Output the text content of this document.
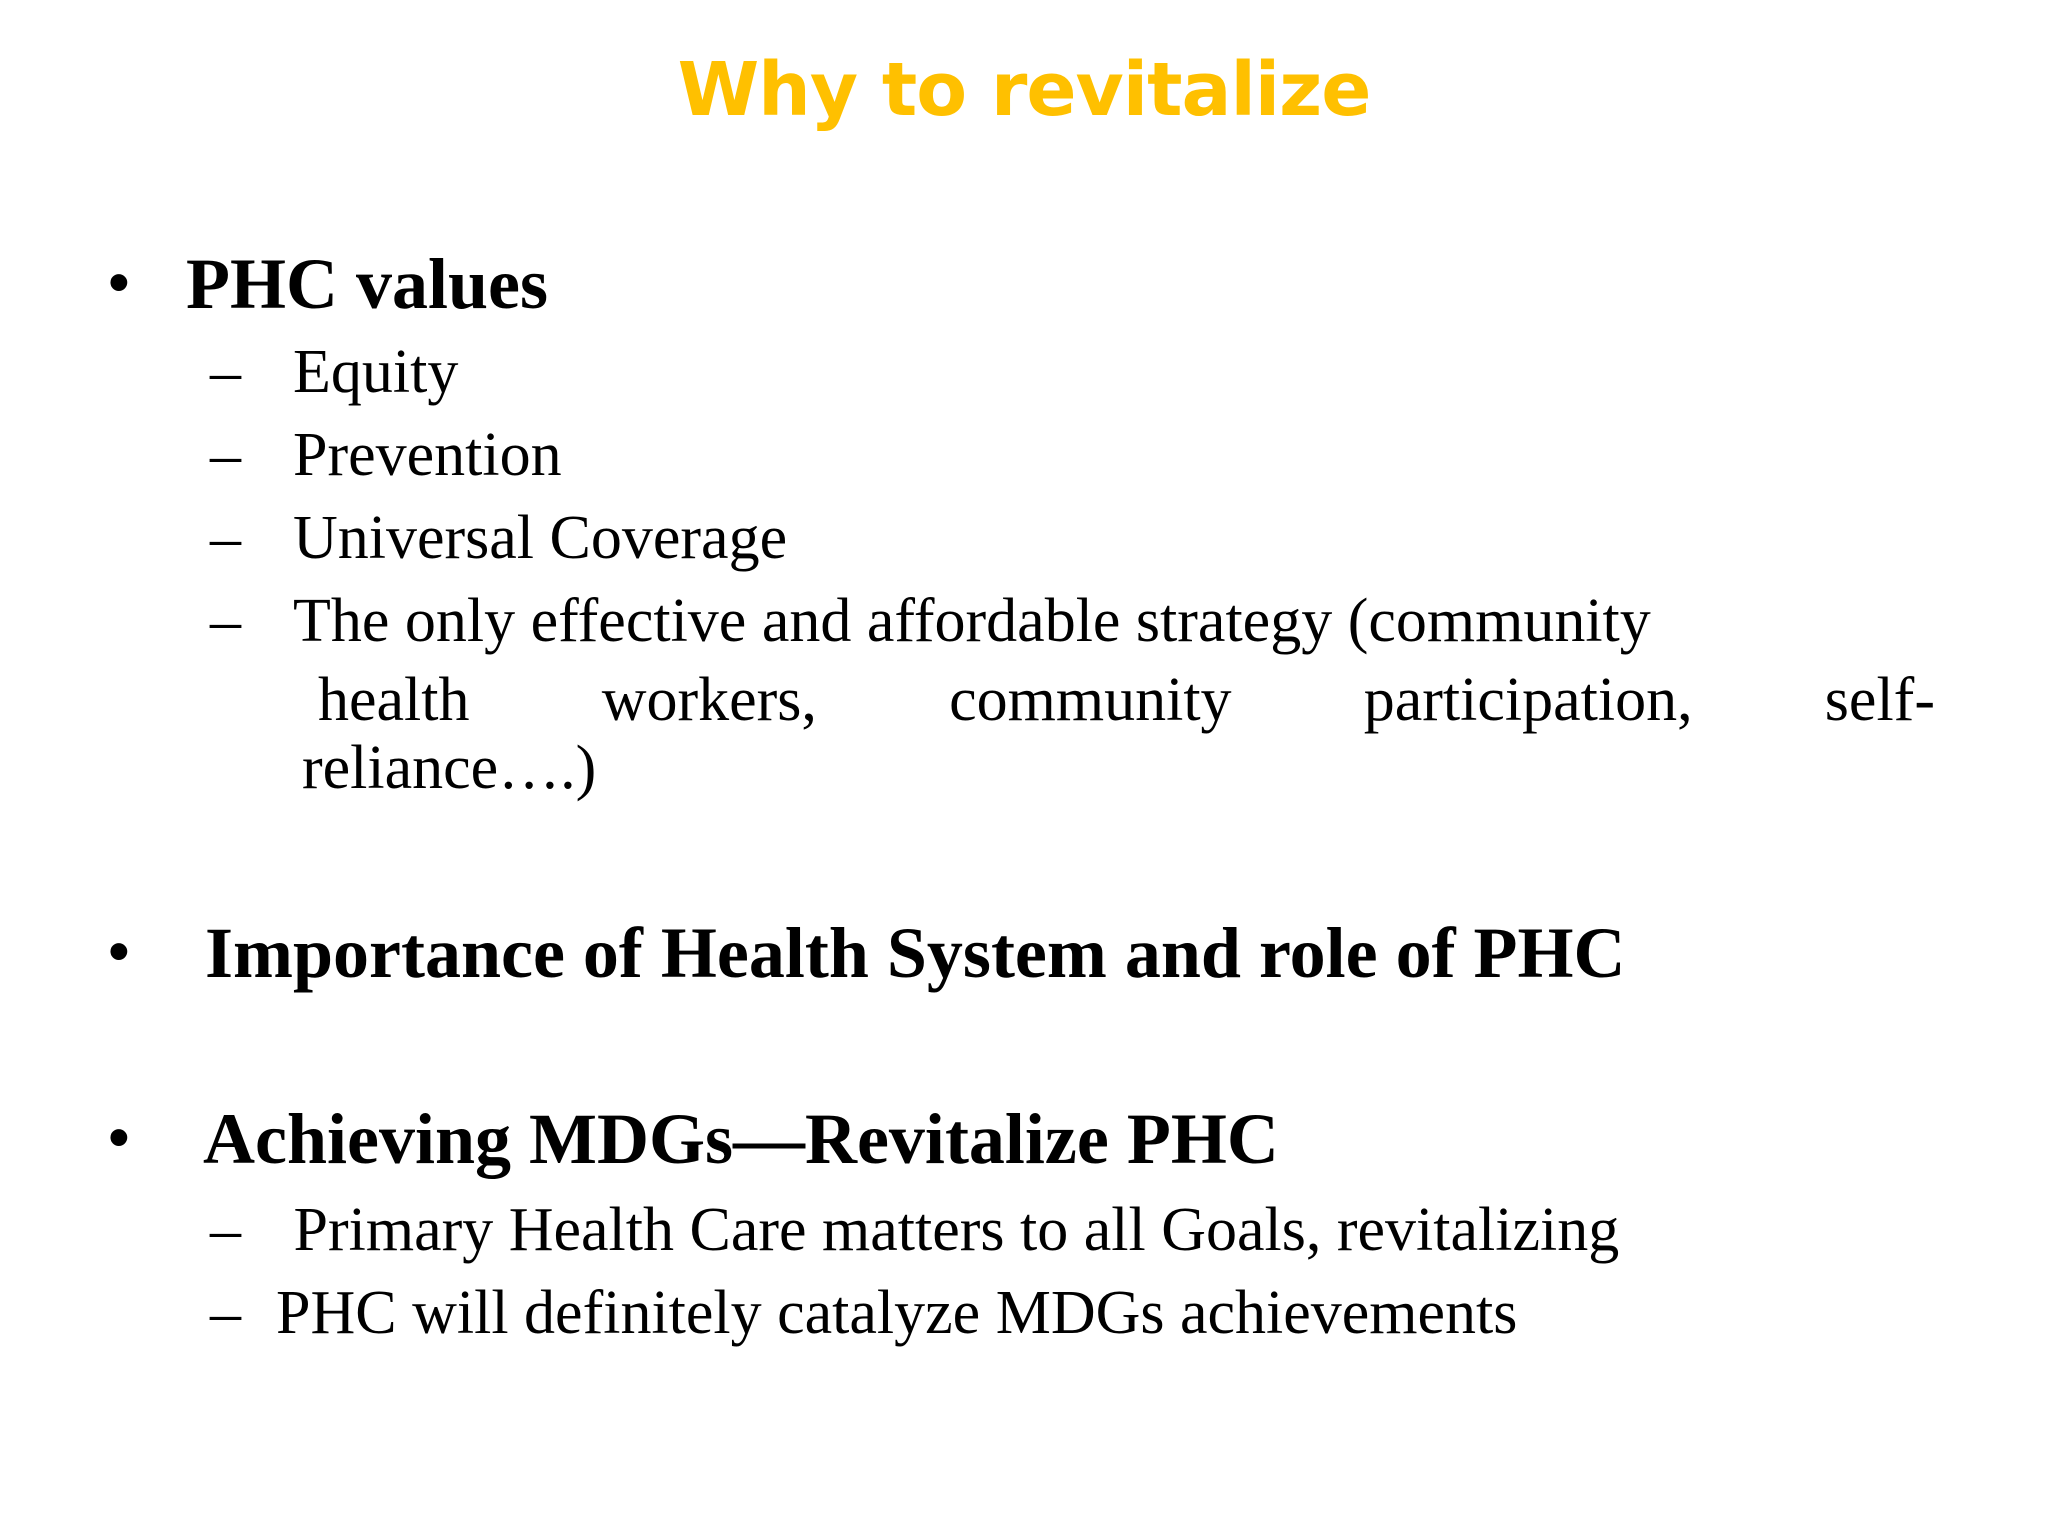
Why to revitalize
• PHC values
– Equity
– Prevention
– Universal Coverage
– The only effective and affordable strategy (community
health workers, community participation, self-
reliance….)
• Importance of Health System and role of PHC
• Achieving MDGs—Revitalize PHC
– Primary Health Care matters to all Goals, revitalizing
– PHC will definitely catalyze MDGs achievements
